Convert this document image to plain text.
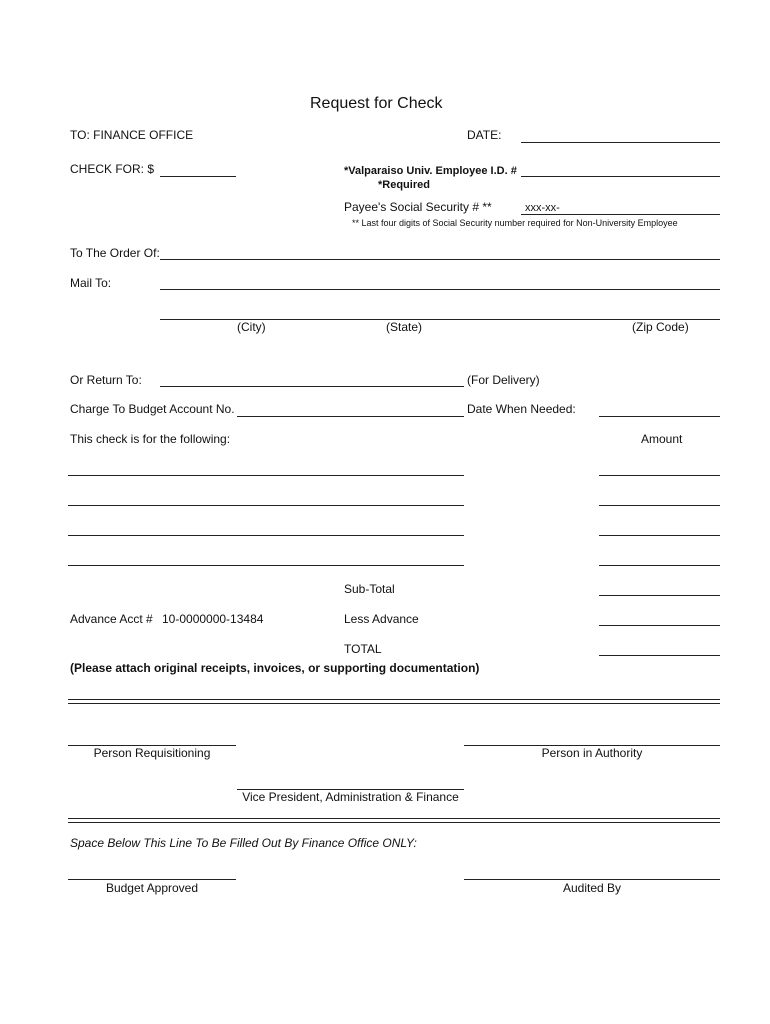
Request for Check
TO: FINANCE OFFICE	DATE:
CHECK FOR: $	*Valparaiso Univ. Employee I.D. #
*Required
Payee's Social Security # **	xxx-xx-
** Last four digits of Social Security number required for Non-University Employee
To The Order Of:
Mail To:
(City)	(State)	(Zip Code)
Or Return To:	(For Delivery)
Charge To Budget Account No.	Date When Needed:
This check is for the following:	Amount
Sub-Total
Advance Acct # 10-0000000-13484	Less Advance
TOTAL
(Please attach original receipts, invoices, or supporting documentation)
Person Requisitioning	Person in Authority
Vice President, Administration & Finance
Space Below This Line To Be Filled Out By Finance Office ONLY:
Budget Approved	Audited By
